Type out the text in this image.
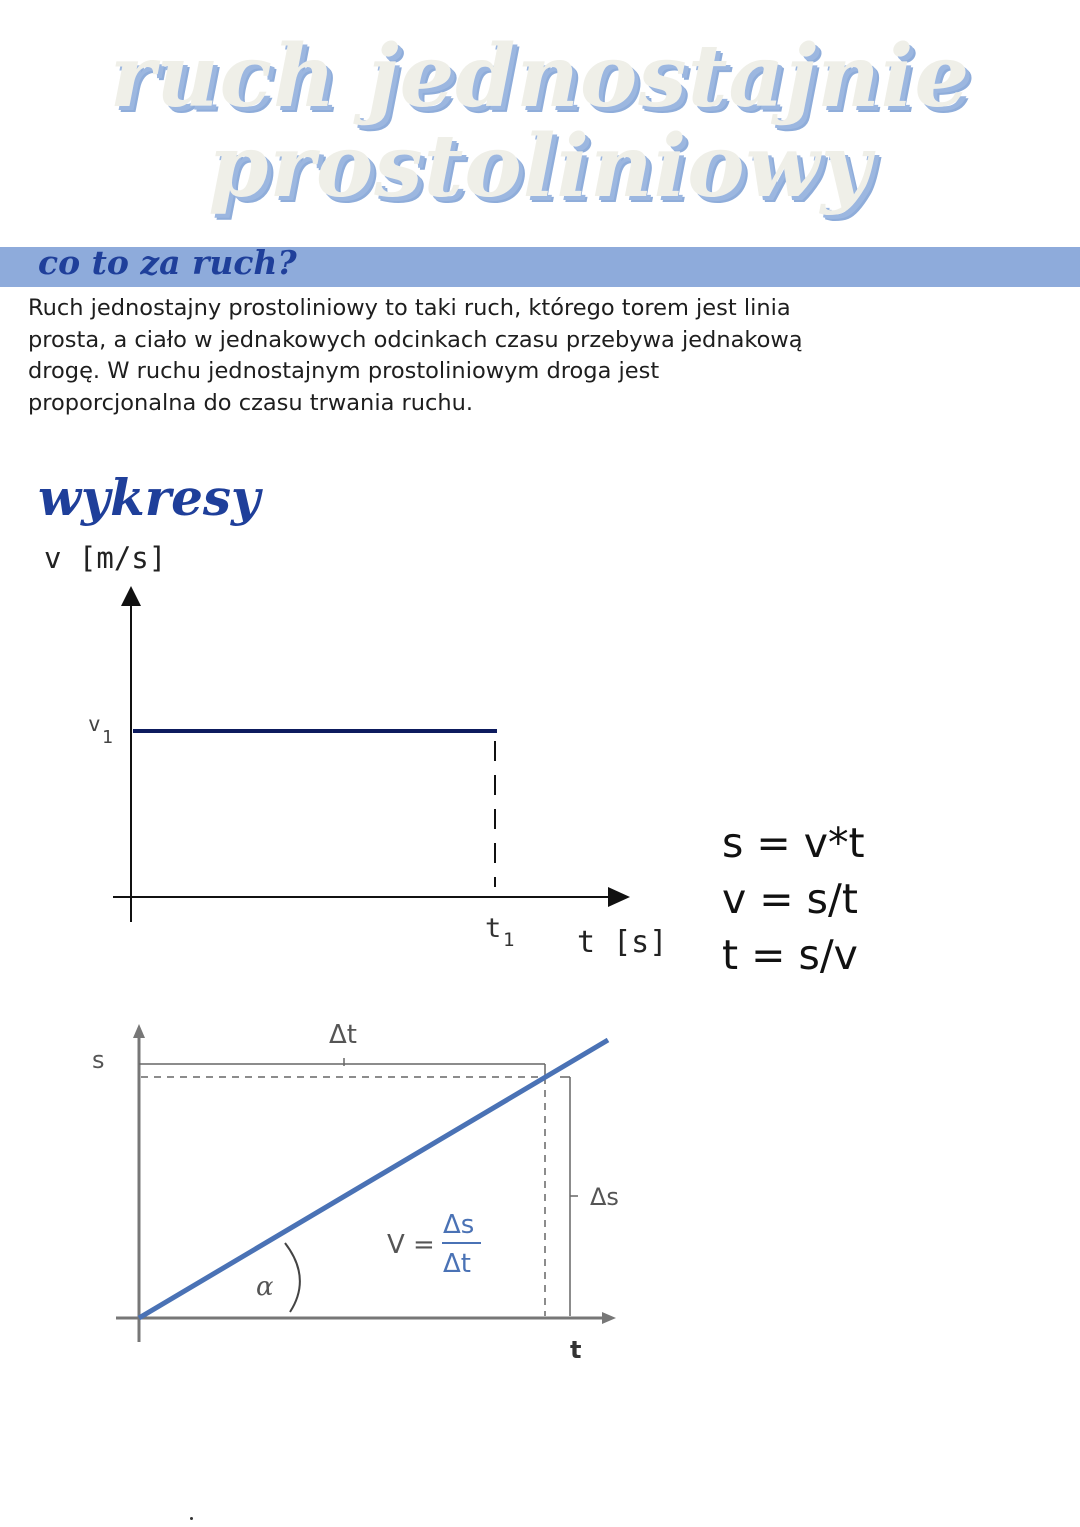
ruch jednostajnie
prostoliniowy
co to za ruch?

Ruch jednostajny prostoliniowy to taki ruch, którego torem jest linia

prosta, a ciało w jednakowych odcinkach czasu przebywa jednakową

drogę. W ruchu jednostajnym prostoliniowym droga jest

proporcjonalna do czasu trwania ruchu.

wykresy
v [m/s]
v
1
t 1 t [s]
Δt
s
Δs
α
V =
Δs
Δt
t
s = v*t
v = s/t
t = s/v
